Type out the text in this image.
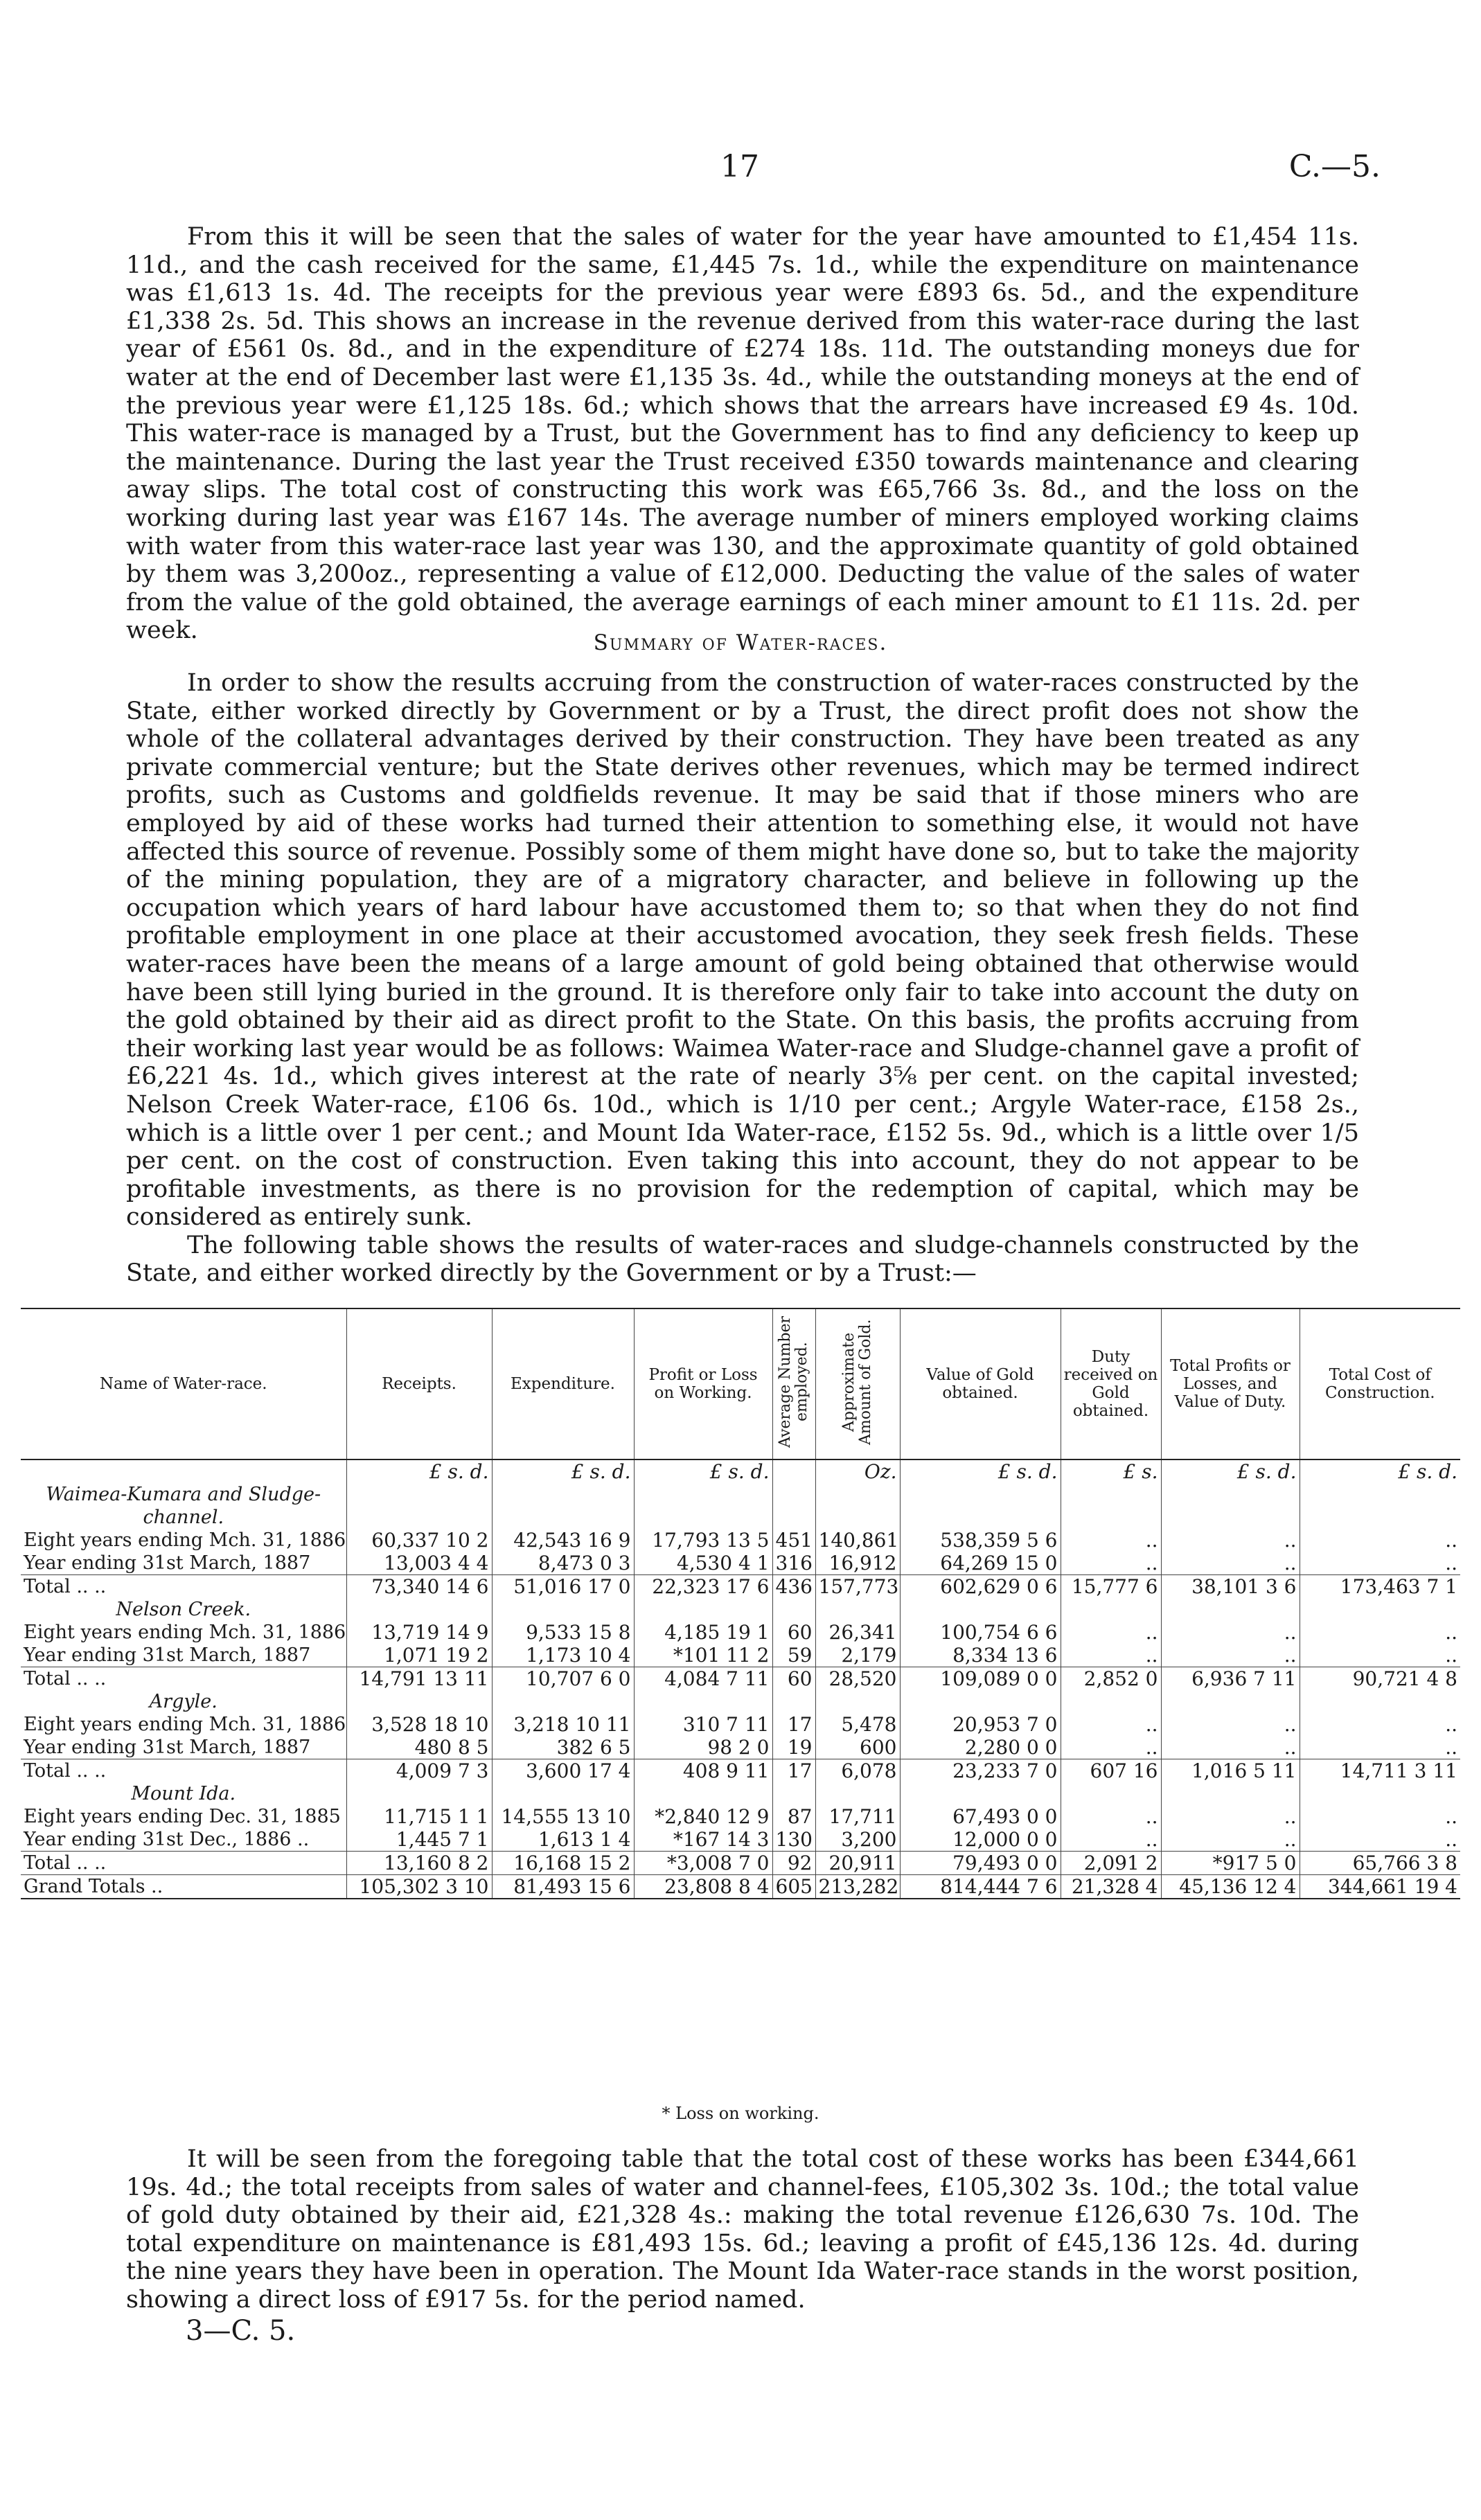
17	C.—5.

From this it will be seen that the sales of water for the year have amounted to £1,454 11s. 11d., and the cash received for the same, £1,445 7s. 1d., while the expenditure on maintenance was £1,613 1s. 4d. The receipts for the previous year were £893 6s. 5d., and the expenditure £1,338 2s. 5d. This shows an increase in the revenue derived from this water-race during the last year of £561 0s. 8d., and in the expenditure of £274 18s. 11d. The outstanding moneys due for water at the end of December last were £1,135 3s. 4d., while the outstanding moneys at the end of the previous year were £1,125 18s. 6d.; which shows that the arrears have increased £9 4s. 10d. This water-race is managed by a Trust, but the Government has to find any deficiency to keep up the maintenance. During the last year the Trust received £350 towards maintenance and clearing away slips. The total cost of constructing this work was £65,766 3s. 8d., and the loss on the working during last year was £167 14s. The average number of miners employed working claims with water from this water-race last year was 130, and the approximate quantity of gold obtained by them was 3,200oz., representing a value of £12,000. Deducting the value of the sales of water from the value of the gold obtained, the average earnings of each miner amount to £1 11s. 2d. per week.	Summary of Water-races.

In order to show the results accruing from the construction of water-races constructed by the State, either worked directly by Government or by a Trust, the direct profit does not show the whole of the collateral advantages derived by their construction. They have been treated as any private commercial venture; but the State derives other revenues, which may be termed indirect profits, such as Customs and goldfields revenue. It may be said that if those miners who are employed by aid of these works had turned their attention to something else, it would not have affected this source of revenue. Possibly some of them might have done so, but to take the majority of the mining population, they are of a migratory character, and believe in following up the occupation which years of hard labour have accustomed them to; so that when they do not find profitable employment in one place at their accustomed avocation, they seek fresh fields. These water-races have been the means of a large amount of gold being obtained that otherwise would have been still lying buried in the ground. It is therefore only fair to take into account the duty on the gold obtained by their aid as direct profit to the State. On this basis, the profits accruing from their working last year would be as follows: Waimea Water-race and Sludge-channel gave a profit of £6,221 4s. 1d., which gives interest at the rate of nearly 3⅝ per cent. on the capital invested; Nelson Creek Water-race, £106 6s. 10d., which is 1/10 per cent.; Argyle Water-race, £158 2s., which is a little over 1 per cent.; and Mount Ida Water-race, £152 5s. 9d., which is a little over 1/5 per cent. on the cost of construction. Even taking this into account, they do not appear to be profitable investments, as there is no provision for the redemption of capital, which may be considered as entirely sunk.

The following table shows the results of water-races and sludge-channels constructed by the State, and either worked directly by the Government or by a Trust:—

Name of Water-race.	Receipts.	Expenditure.	Profit or Loss on Working.	Average Number employed.	Approximate Amount of Gold.	Value of Gold obtained.	Duty received on Gold obtained.	Total Profits or Losses, and Value of Duty.	Total Cost of Construction.
	£ s. d.	£ s. d.	£ s. d.		Oz.	£ s. d.	£ s.	£ s. d.	£ s. d.
Waimea-Kumara and Sludge-channel.									
Eight years ending Mch. 31, 1886	60,337 10 2	42,543 16 9	17,793 13 5	451	140,861	538,359 5 6	..	..	..
Year ending 31st March, 1887	13,003 4 4	8,473 0 3	4,530 4 1	316	16,912	64,269 15 0	..	..	..
Total .. ..	73,340 14 6	51,016 17 0	22,323 17 6	436	157,773	602,629 0 6	15,777 6	38,101 3 6	173,463 7 1
Nelson Creek.									
Eight years ending Mch. 31, 1886	13,719 14 9	9,533 15 8	4,185 19 1	60	26,341	100,754 6 6	..	..	..
Year ending 31st March, 1887	1,071 19 2	1,173 10 4	*101 11 2	59	2,179	8,334 13 6	..	..	..
Total .. ..	14,791 13 11	10,707 6 0	4,084 7 11	60	28,520	109,089 0 0	2,852 0	6,936 7 11	90,721 4 8
Argyle.									
Eight years ending Mch. 31, 1886	3,528 18 10	3,218 10 11	310 7 11	17	5,478	20,953 7 0	..	..	..
Year ending 31st March, 1887	480 8 5	382 6 5	98 2 0	19	600	2,280 0 0	..	..	..
Total .. ..	4,009 7 3	3,600 17 4	408 9 11	17	6,078	23,233 7 0	607 16	1,016 5 11	14,711 3 11
Mount Ida.									
Eight years ending Dec. 31, 1885	11,715 1 1	14,555 13 10	*2,840 12 9	87	17,711	67,493 0 0	..	..	..
Year ending 31st Dec., 1886 ..	1,445 7 1	1,613 1 4	*167 14 3	130	3,200	12,000 0 0	..	..	..
Total .. ..	13,160 8 2	16,168 15 2	*3,008 7 0	92	20,911	79,493 0 0	2,091 2	*917 5 0	65,766 3 8
Grand Totals ..	105,302 3 10	81,493 15 6	23,808 8 4	605	213,282	814,444 7 6	21,328 4	45,136 12 4	344,661 19 4
* Loss on working.

It will be seen from the foregoing table that the total cost of these works has been £344,661 19s. 4d.; the total receipts from sales of water and channel-fees, £105,302 3s. 10d.; the total value of gold duty obtained by their aid, £21,328 4s.: making the total revenue £126,630 7s. 10d. The total expenditure on maintenance is £81,493 15s. 6d.; leaving a profit of £45,136 12s. 4d. during the nine years they have been in operation. The Mount Ida Water-race stands in the worst position, showing a direct loss of £917 5s. for the period named.

3—C. 5.
